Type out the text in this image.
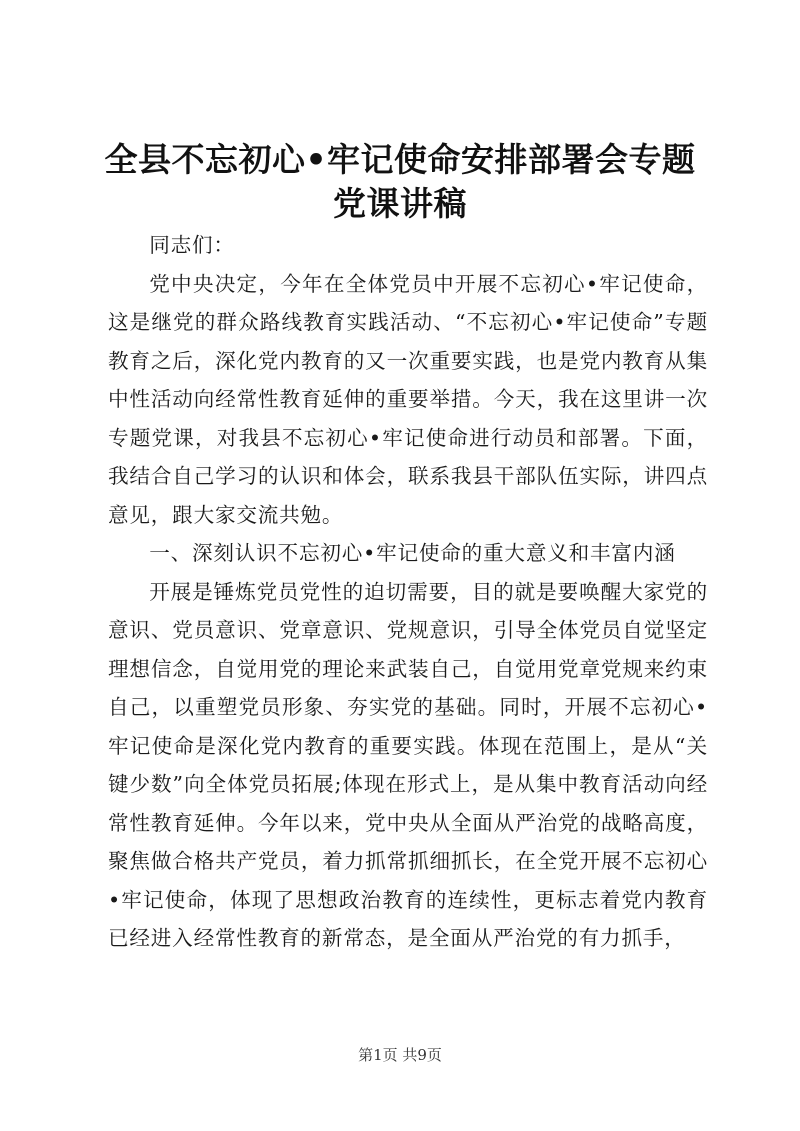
全县不忘初心•牢记使命安排部署会专题党课讲稿

同志们：

党中央决定，今年在全体党员中开展不忘初心•牢记使命，这是继党的群众路线教育实践活动、“不忘初心•牢记使命”专题教育之后，深化党内教育的又一次重要实践，也是党内教育从集中性活动向经常性教育延伸的重要举措。今天，我在这里讲一次专题党课，对我县不忘初心•牢记使命进行动员和部署。下面，我结合自己学习的认识和体会，联系我县干部队伍实际，讲四点意见，跟大家交流共勉。

一、深刻认识不忘初心•牢记使命的重大意义和丰富内涵

开展是锤炼党员党性的迫切需要，目的就是要唤醒大家党的意识、党员意识、党章意识、党规意识，引导全体党员自觉坚定理想信念，自觉用党的理论来武装自己，自觉用党章党规来约束自己，以重塑党员形象、夯实党的基础。同时，开展不忘初心•牢记使命是深化党内教育的重要实践。体现在范围上，是从“关键少数”向全体党员拓展;体现在形式上，是从集中教育活动向经常性教育延伸。今年以来，党中央从全面从严治党的战略高度，聚焦做合格共产党员，着力抓常抓细抓长，在全党开展不忘初心•牢记使命，体现了思想政治教育的连续性，更标志着党内教育已经进入经常性教育的新常态，是全面从严治党的有力抓手，

第1页 共9页
